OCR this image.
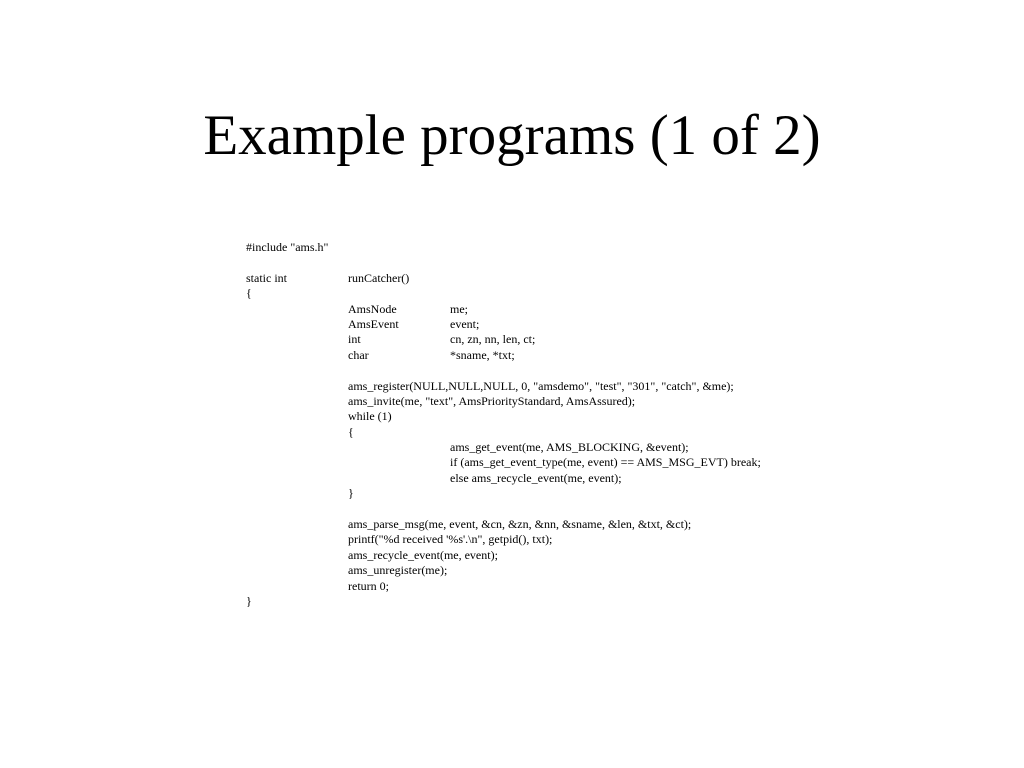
Example programs (1 of 2)
#include "ams.h"
static int	runCatcher()
{
AmsNode	me;
AmsEvent	event;
int	cn, zn, nn, len, ct;
char	*sname, *txt;
ams_register(NULL,NULL,NULL, 0, "amsdemo", "test", "301", "catch", &me);
ams_invite(me, "text", AmsPriorityStandard, AmsAssured);
while (1)
{
ams_get_event(me, AMS_BLOCKING, &event);
if (ams_get_event_type(me, event) == AMS_MSG_EVT) break;
else ams_recycle_event(me, event);
}
ams_parse_msg(me, event, &cn, &zn, &nn, &sname, &len, &txt, &ct);
printf("%d received '%s'.\n", getpid(), txt);
ams_recycle_event(me, event);
ams_unregister(me);
return 0;
}
